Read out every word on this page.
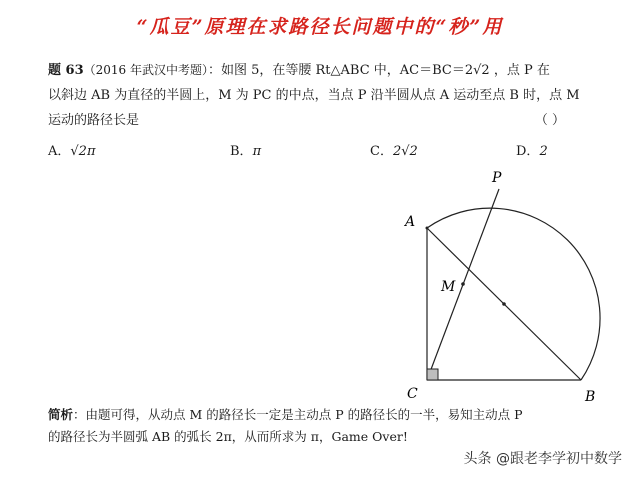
“瓜豆”原理在求路径长问题中的“秒”用
题 63（2016 年武汉中考题）：如图 5，在等腰 Rt△ABC 中，AC＝BC＝2√2 ，点 P 在
以斜边 AB 为直径的半圆上，M 为 PC 的中点，当点 P 沿半圆从点 A 运动至点 B 时，点 M
运动的路径长是	（ ）
A．√2π	B．π	C．2√2	D．2
A
B
C
P
M
简析：由题可得，从动点 M 的路径长一定是主动点 P 的路径长的一半，易知主动点 P
的路径长为半圆弧 AB 的弧长 2π，从而所求为 π，Game Over!
头条 @跟老李学初中数学
